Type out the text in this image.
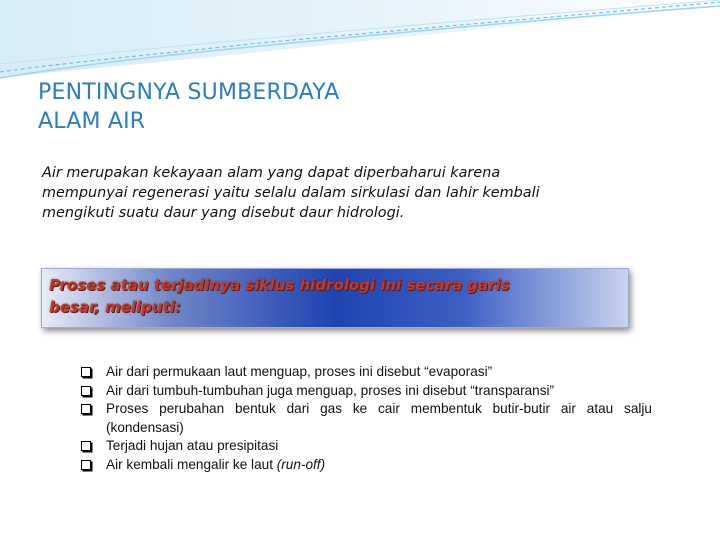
PENTINGNYA SUMBERDAYA
ALAM AIR
Air merupakan kekayaan alam yang dapat diperbaharui karena
mempunyai regenerasi yaitu selalu dalam sirkulasi dan lahir kembali
mengikuti suatu daur yang disebut daur hidrologi.
Proses atau terjadinya siklus hidrologi ini secara garis
besar, meliputi:
Air dari permukaan laut menguap, proses ini disebut “evaporasi”
Air dari tumbuh-tumbuhan juga menguap, proses ini disebut “transparansi”
Proses perubahan bentuk dari gas ke cair membentuk butir-butir air atau salju (kondensasi)
Terjadi hujan atau presipitasi
Air kembali mengalir ke laut (run-off)
